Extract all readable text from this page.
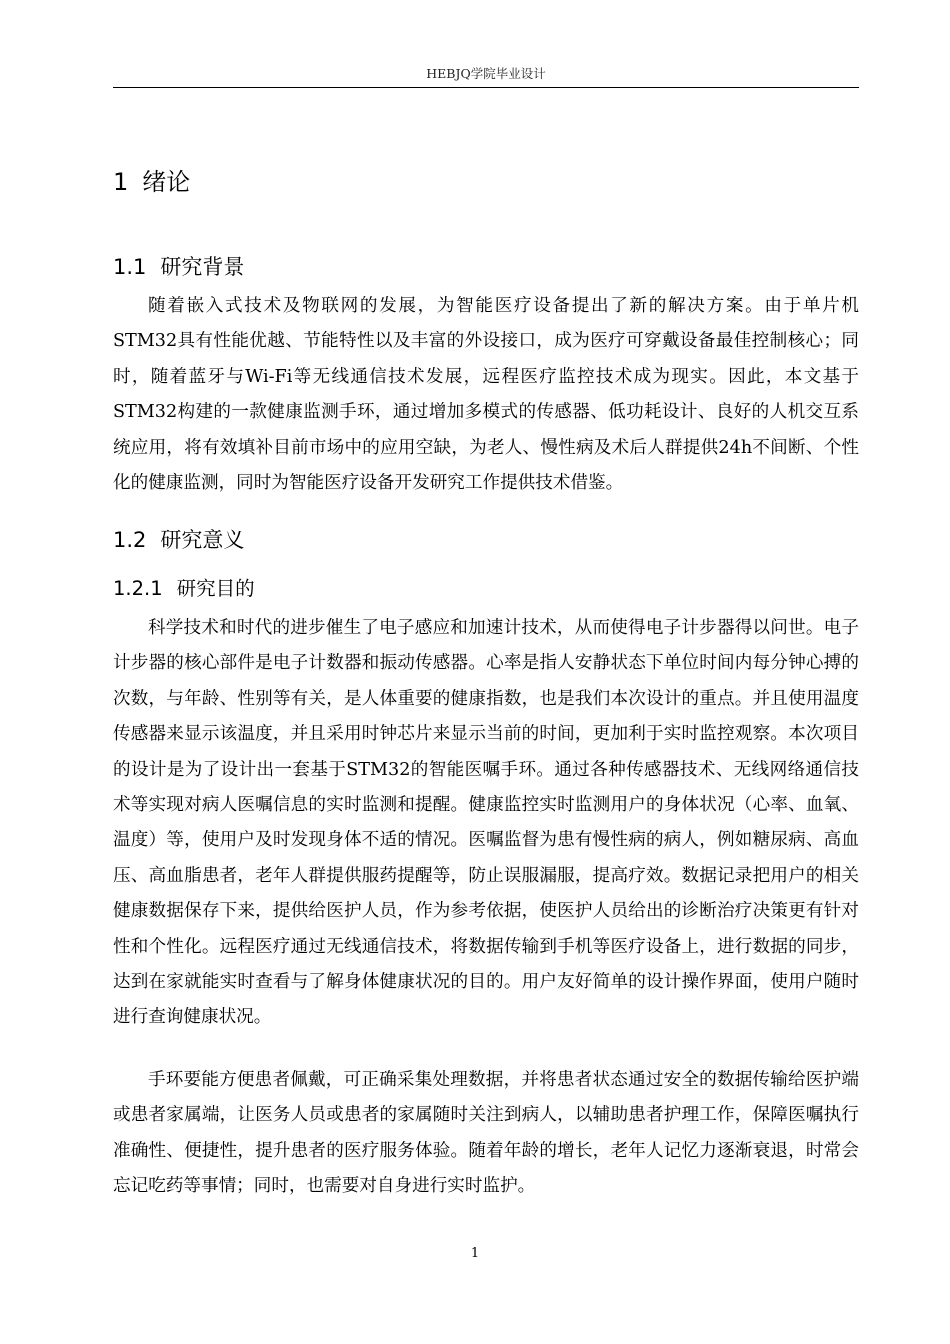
HEBJQ学院毕业设计
1 绪论
1.1 研究背景

随着嵌入式技术及物联网的发展，为智能医疗设备提出了新的解决方案。由于单片机STM32具有性能优越、节能特性以及丰富的外设接口，成为医疗可穿戴设备最佳控制核心；同时，随着蓝牙与Wi-Fi等无线通信技术发展，远程医疗监控技术成为现实。因此，本文基于STM32构建的一款健康监测手环，通过增加多模式的传感器、低功耗设计、良好的人机交互系统应用，将有效填补目前市场中的应用空缺，为老人、慢性病及术后人群提供24h不间断、个性化的健康监测，同时为智能医疗设备开发研究工作提供技术借鉴。

1.2 研究意义
1.2.1 研究目的

科学技术和时代的进步催生了电子感应和加速计技术，从而使得电子计步器得以问世。电子计步器的核心部件是电子计数器和振动传感器。心率是指人安静状态下单位时间内每分钟心搏的次数，与年龄、性别等有关，是人体重要的健康指数，也是我们本次设计的重点。并且使用温度传感器来显示该温度，并且采用时钟芯片来显示当前的时间，更加利于实时监控观察。本次项目的设计是为了设计出一套基于STM32的智能医嘱手环。通过各种传感器技术、无线网络通信技术等实现对病人医嘱信息的实时监测和提醒。健康监控实时监测用户的身体状况（心率、血氧、温度）等，使用户及时发现身体不适的情况。医嘱监督为患有慢性病的病人，例如糖尿病、高血压、高血脂患者，老年人群提供服药提醒等，防止误服漏服，提高疗效。数据记录把用户的相关健康数据保存下来，提供给医护人员，作为参考依据，使医护人员给出的诊断治疗决策更有针对性和个性化。远程医疗通过无线通信技术，将数据传输到手机等医疗设备上，进行数据的同步，达到在家就能实时查看与了解身体健康状况的目的。用户友好简单的设计操作界面，使用户随时进行查询健康状况。

手环要能方便患者佩戴，可正确采集处理数据，并将患者状态通过安全的数据传输给医护端或患者家属端，让医务人员或患者的家属随时关注到病人，以辅助患者护理工作，保障医嘱执行准确性、便捷性，提升患者的医疗服务体验。随着年龄的增长，老年人记忆力逐渐衰退，时常会忘记吃药等事情；同时，也需要对自身进行实时监护。

1
